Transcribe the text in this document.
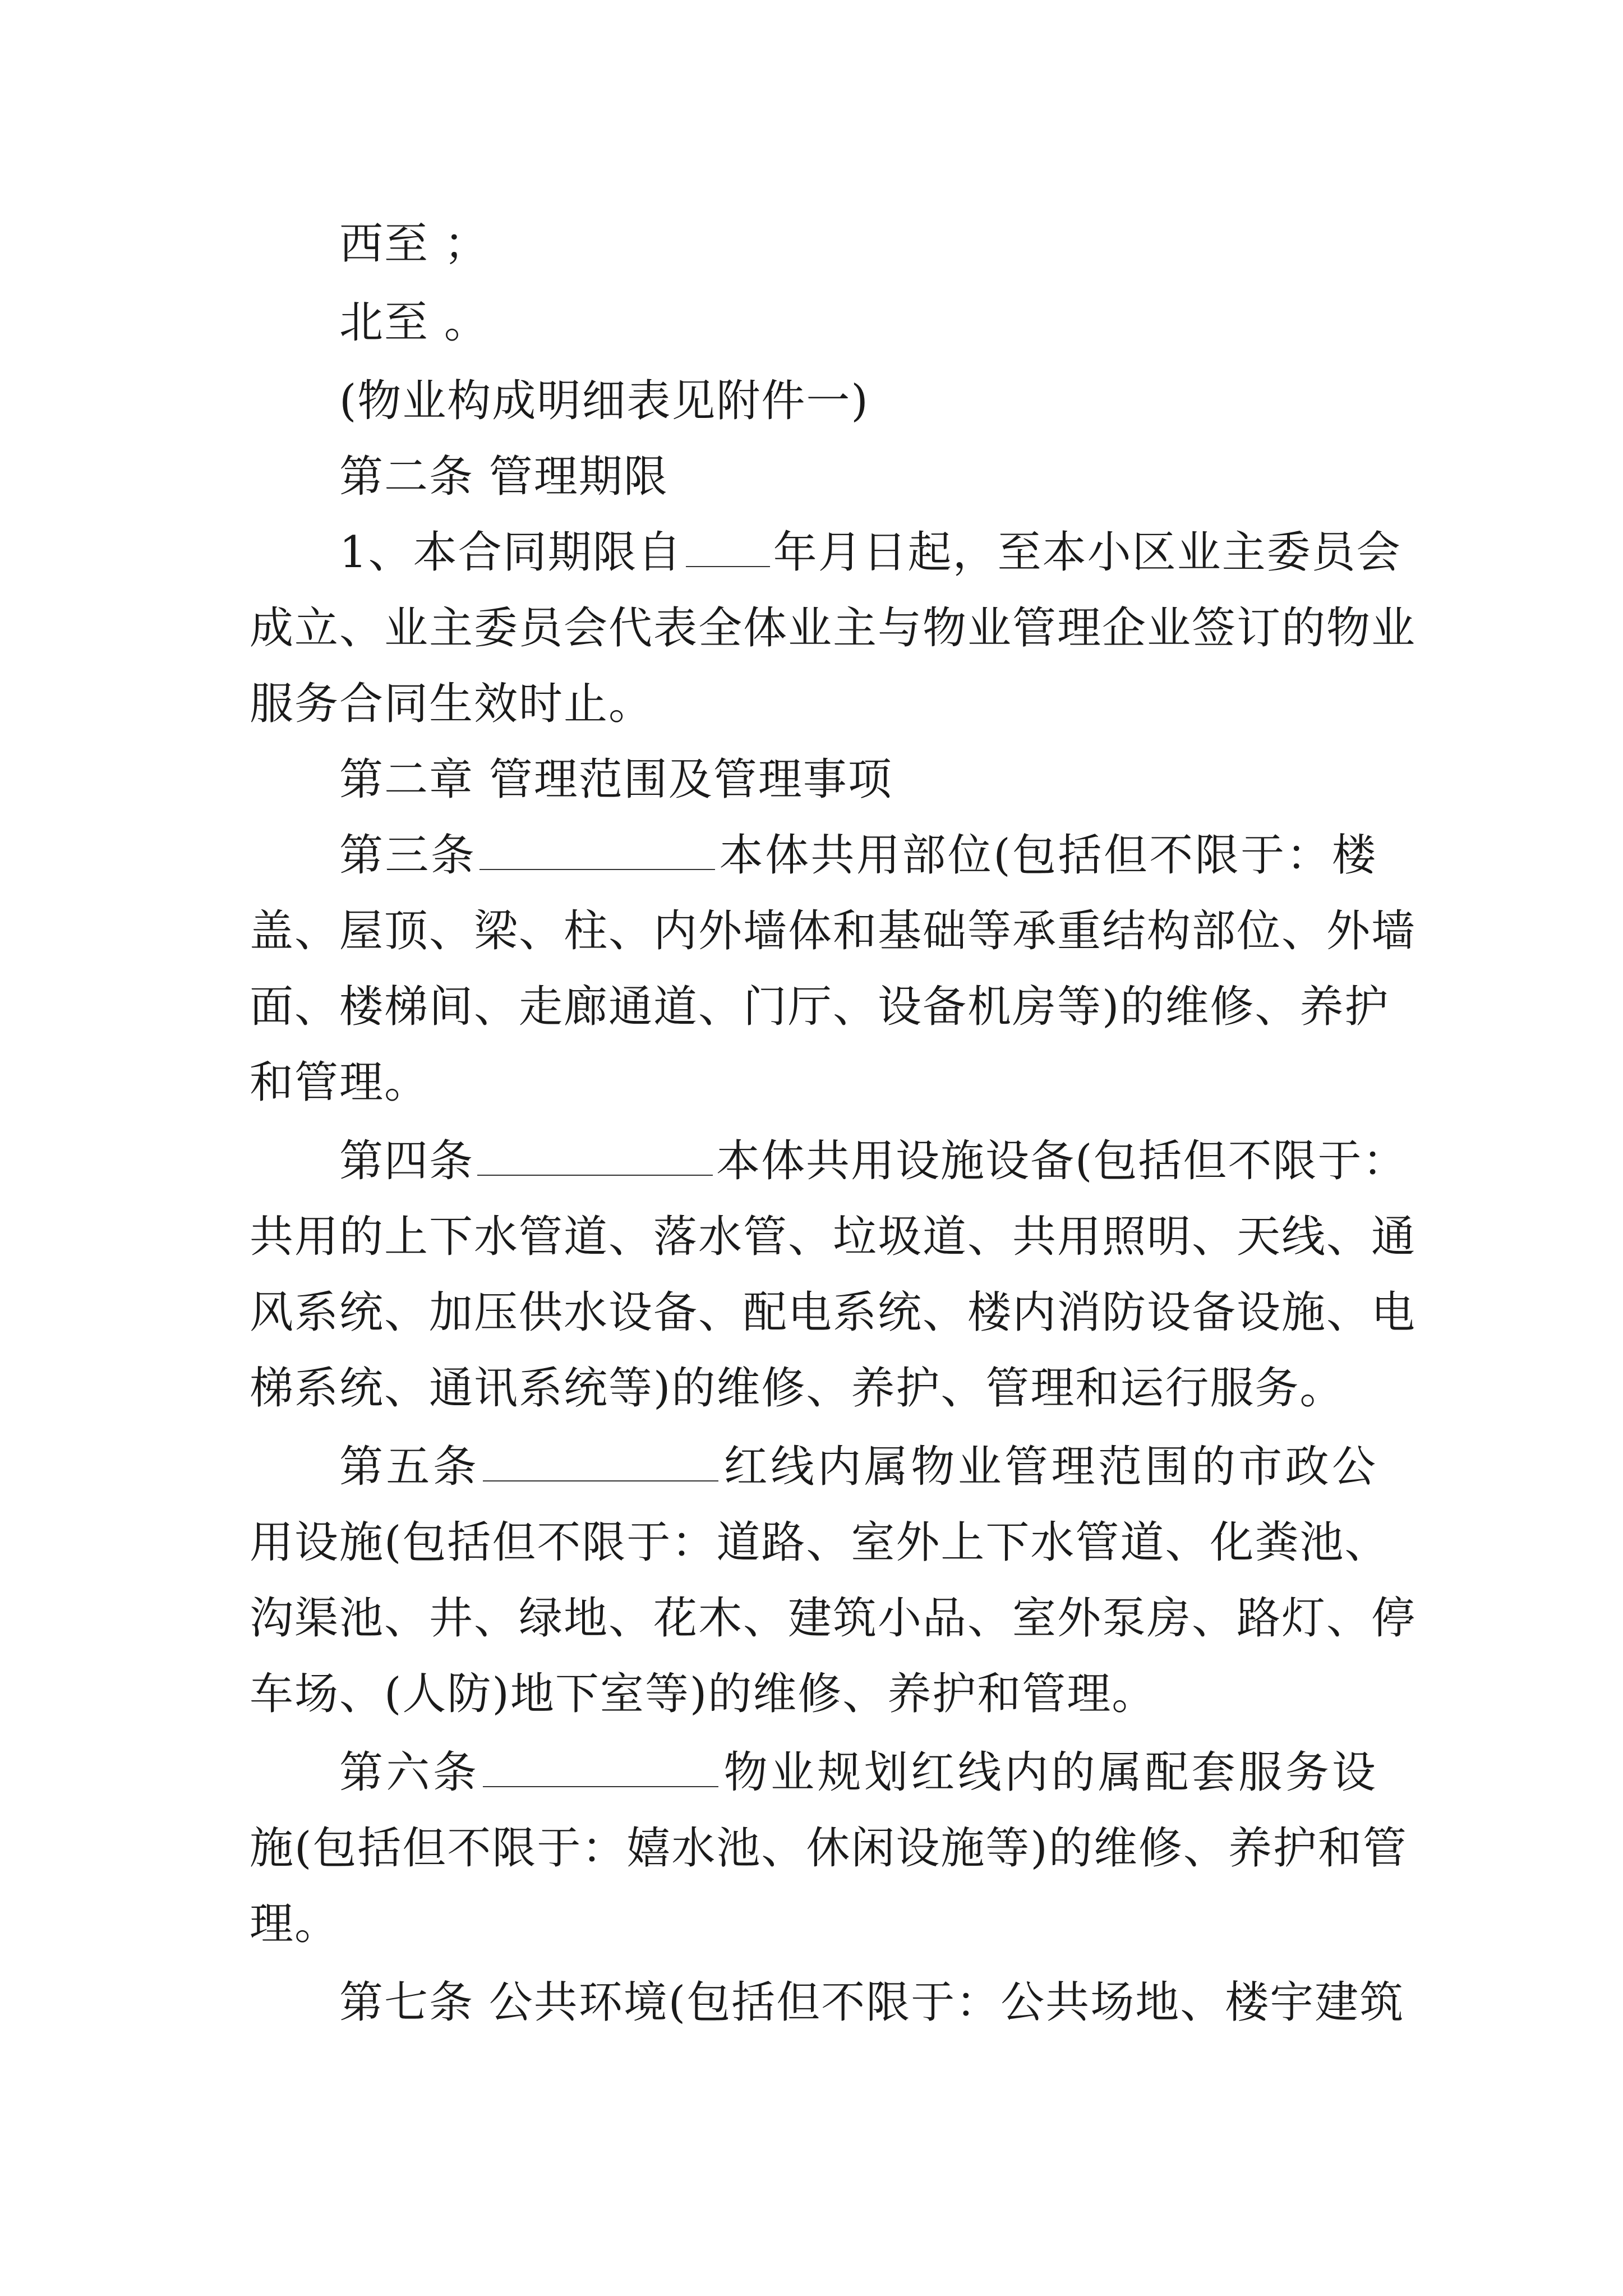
西至 ；
北至 。
(物业构成明细表见附件一)
第二条 管理期限
1、本合同期限自 年月日起，至本小区业主委员会
成立、业主委员会代表全体业主与物业管理企业签订的物业
服务合同生效时止。
第二章 管理范围及管理事项
第三条	本体共用部位(包括但不限于：楼
盖、屋顶、梁、柱、内外墙体和基础等承重结构部位、外墙
面、楼梯间、走廊通道、门厅、设备机房等)的维修、养护
和管理。
第四条	本体共用设施设备(包括但不限于：
共用的上下水管道、落水管、垃圾道、共用照明、天线、通
风系统、加压供水设备、配电系统、楼内消防设备设施、电
梯系统、通讯系统等)的维修、养护、管理和运行服务。
第五条	红线内属物业管理范围的市政公
用设施(包括但不限于：道路、室外上下水管道、化粪池、
沟渠池、井、绿地、花木、建筑小品、室外泵房、路灯、停
车场、(人防)地下室等)的维修、养护和管理。
第六条	物业规划红线内的属配套服务设
施(包括但不限于：嬉水池、休闲设施等)的维修、养护和管
理。
第七条 公共环境(包括但不限于：公共场地、楼宇建筑
